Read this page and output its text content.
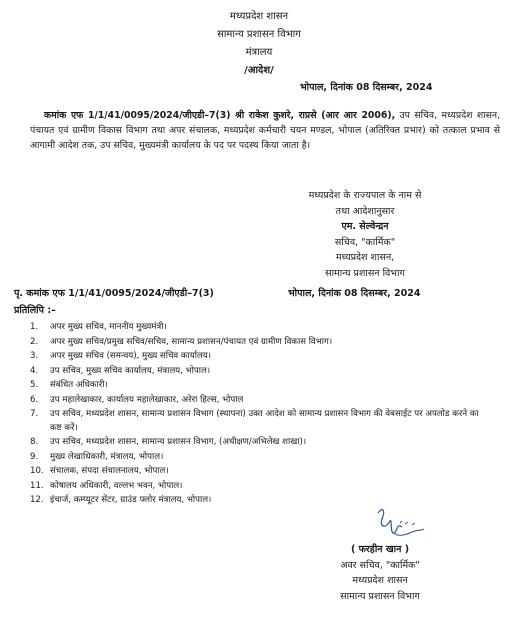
मध्यप्रदेश शासन
सामान्य प्रशासन विभाग
मंत्रालय
/आदेश/
भोपाल, दिनांक 08 दिसम्बर, 2024
कमांक एफ 1/1/41/0095/2024/जीएडी–7(3) श्री राकेश कुशरे, राप्रसे (आर आर 2006), उप सचिव, मध्यप्रदेश शासन, पंचायत एवं ग्रामीण विकास विभाग तथा अपर संचालक, मध्यप्रदेश कर्मचारी चयन मण्डल, भोपाल (अतिरिक्त प्रभार) को तत्काल प्रभाव से आगामी आदेश तक, उप सचिव, मुख्यमंत्री कार्यालय के पद पर पदस्थ किया जाता है।
मध्यप्रदेश के राज्यपाल के नाम से
तथा आदेशानुसार
एम. सेल्वेन्द्रन
सचिव, "कार्मिक"
मध्यप्रदेश शासन,
सामान्य प्रशासन विभाग
पृ. कमांक एफ 1/1/41/0095/2024/जीएडी–7(3)	भोपाल, दिनांक 08 दिसम्बर, 2024
प्रतिलिपि :–
1. अपर मुख्य सचिव, माननीय मुख्यमंत्री।
2. अपर मुख्य सचिव/प्रमुख सचिव/सचिव, सामान्य प्रशासन/पंचायत एवं ग्रामीण विकास विभाग।
3. अपर मुख्य सचिव (समन्वय), मुख्य सचिव कार्यालय।
4. उप सचिव, मुख्य सचिव कार्यालय, मंत्रालय, भोपाल।
5. संबंधित अधिकारी।
6. उप महालेखाकार, कार्यालय महालेखाकार, अरेरा हिल्स, भोपाल
7. उप सचिव, मध्यप्रदेश शासन, सामान्य प्रशासन विभाग (स्थापना) उक्त आदेश को सामान्य प्रशासन विभाग की वेबसाईट पर अपलोड करने का कष्ट करें।
8. उप सचिव, मध्यप्रदेश शासन, सामान्य प्रशासन विभाग, (अधीक्षण/अभिलेख शाखा)।
9. मुख्य लेखाधिकारी, मंत्रालय, भोपाल।
10. संचालक, संपदा संचालनालय, भोपाल।
11. कोषालय अधिकारी, वल्लभ भवन, भोपाल।
12. इंचार्ज, कम्प्यूटर सेंटर, ग्राउंड फ्लोर मंत्रालय, भोपाल।
( फरहीन खान )
अवर सचिव, "कार्मिक"
मध्यप्रदेश शासन
सामान्य प्रशासन विभाग
